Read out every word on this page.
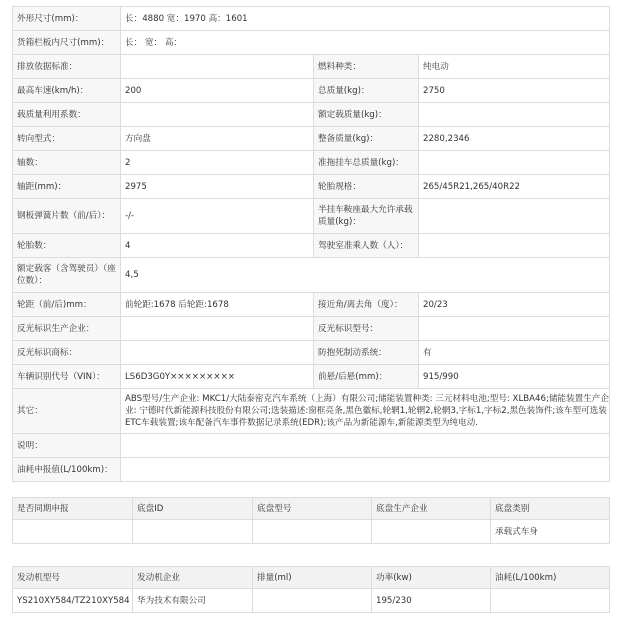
外形尺寸(mm)：	长：4880 宽：1970 高：1601		
货箱栏板内尺寸(mm)：	长： 宽： 高：		
排放依据标准：		燃料种类：	纯电动
最高车速(km/h)：	200	总质量(kg)：	2750
载质量利用系数：		额定载质量(kg)：	
转向型式：	方向盘	整备质量(kg)：	2280,2346
轴数：	2	准拖挂车总质量(kg)：	
轴距(mm)：	2975	轮胎规格：	265/45R21,265/40R22
钢板弹簧片数（前/后）：	-/-	半挂车鞍座最大允许承载质量(kg)：	
轮胎数：	4	驾驶室准乘人数（人）：	
额定载客（含驾驶员）（座位数）：	4,5		
轮距（前/后)mm：	前轮距:1678 后轮距:1678	接近角/离去角（度）：	20/23
反光标识生产企业：		反光标识型号：	
反光标识商标：		防抱死制动系统：	有
车辆识别代号（VIN）：	LS6D3G0Y×××××××××	前悬/后悬(mm)：	915/990
其它：	ABS型号/生产企业: MKC1/大陆泰密克汽车系统（上海）有限公司;储能装置种类: 三元材料电池;型号: XLBA46;储能装置生产企业: 宁德时代新能源科技股份有限公司;选装描述:窗框亮条,黑色徽标,轮辋1,轮辋2,轮辋3,字标1,字标2,黑色装饰件;该车型可选装ETC车载装置;该车配备汽车事件数据记录系统(EDR);该产品为新能源车,新能源类型为纯电动.		
说明：			
油耗申报值(L/100km)：			
是否同期申报	底盘ID	底盘型号	底盘生产企业	底盘类别
				承载式车身
发动机型号	发动机企业	排量(ml)	功率(kw)	油耗(L/100km)
YS210XY584/TZ210XY584	华为技术有限公司		195/230	
